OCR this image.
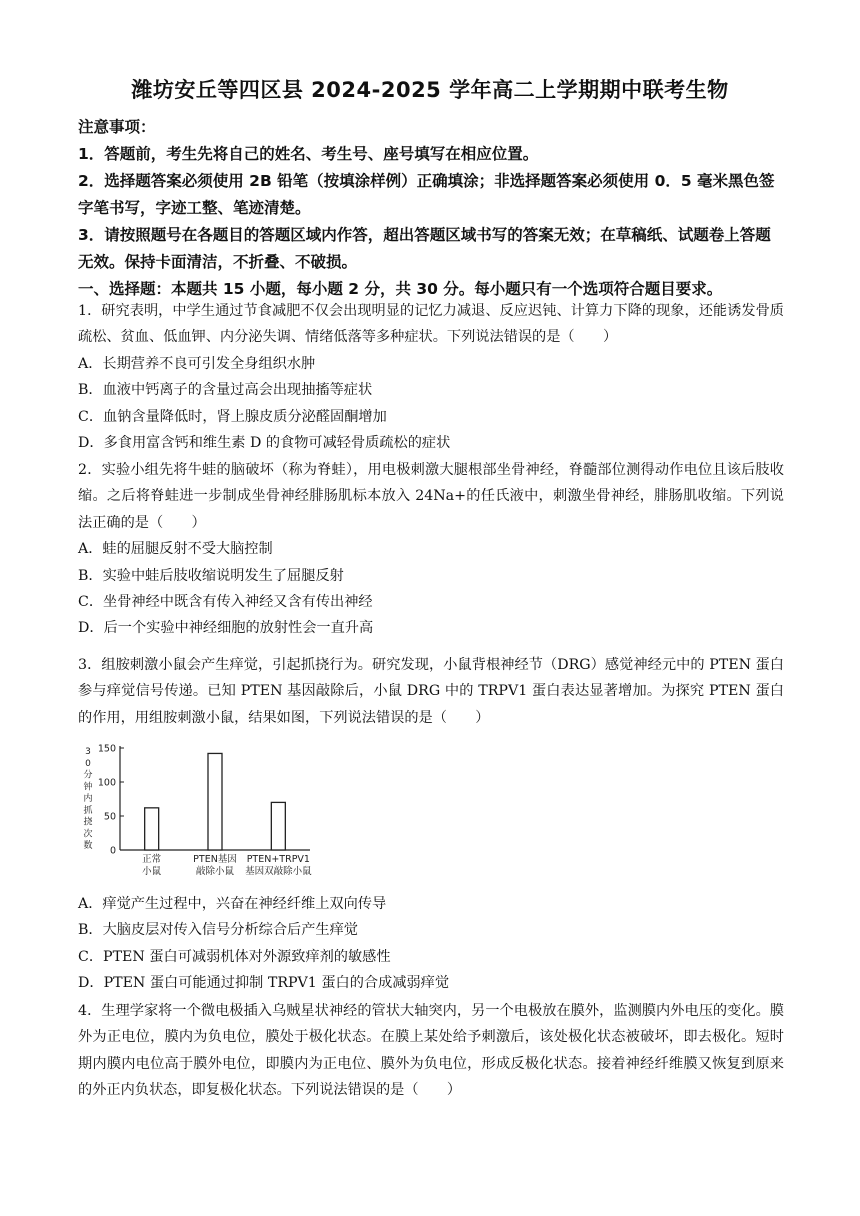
潍坊安丘等四区县 2024-2025 学年高二上学期期中联考生物
注意事项：
1．答题前，考生先将自己的姓名、考生号、座号填写在相应位置。
2．选择题答案必须使用 2B 铅笔（按填涂样例）正确填涂；非选择题答案必须使用 0．5 毫米黑色签字笔书写，字迹工整、笔迹清楚。
3．请按照题号在各题目的答题区域内作答，超出答题区域书写的答案无效；在草稿纸、试题卷上答题无效。保持卡面清洁，不折叠、不破损。
一、选择题：本题共 15 小题，每小题 2 分，共 30 分。每小题只有一个选项符合题目要求。

1．研究表明，中学生通过节食减肥不仅会出现明显的记忆力减退、反应迟钝、计算力下降的现象，还能诱发骨质疏松、贫血、低血钾、内分泌失调、情绪低落等多种症状。下列说法错误的是（　　）

A．长期营养不良可引发全身组织水肿

B．血液中钙离子的含量过高会出现抽搐等症状

C．血钠含量降低时，肾上腺皮质分泌醛固酮增加

D．多食用富含钙和维生素 D 的食物可减轻骨质疏松的症状

2．实验小组先将牛蛙的脑破坏（称为脊蛙），用电极刺激大腿根部坐骨神经，脊髓部位测得动作电位且该后肢收缩。之后将脊蛙进一步制成坐骨神经腓肠肌标本放入 24Na+的任氏液中，刺激坐骨神经，腓肠肌收缩。下列说法正确的是（　　）

A．蛙的屈腿反射不受大脑控制

B．实验中蛙后肢收缩说明发生了屈腿反射

C．坐骨神经中既含有传入神经又含有传出神经

D．后一个实验中神经细胞的放射性会一直升高

3．组胺刺激小鼠会产生痒觉，引起抓挠行为。研究发现，小鼠背根神经节（DRG）感觉神经元中的 PTEN 蛋白参与痒觉信号传递。已知 PTEN 基因敲除后，小鼠 DRG 中的 TRPV1 蛋白表达显著增加。为探究 PTEN 蛋白的作用，用组胺刺激小鼠，结果如图，下列说法错误的是（　　）

3
0
分
钟
内
抓
挠
次
数 0
50
100
150
正常
小鼠
PTEN基因
敲除小鼠
PTEN+TRPV1
基因双敲除小鼠

A．痒觉产生过程中，兴奋在神经纤维上双向传导

B．大脑皮层对传入信号分析综合后产生痒觉

C．PTEN 蛋白可减弱机体对外源致痒剂的敏感性

D．PTEN 蛋白可能通过抑制 TRPV1 蛋白的合成减弱痒觉

4．生理学家将一个微电极插入乌贼星状神经的管状大轴突内，另一个电极放在膜外，监测膜内外电压的变化。膜外为正电位，膜内为负电位，膜处于极化状态。在膜上某处给予刺激后，该处极化状态被破坏，即去极化。短时期内膜内电位高于膜外电位，即膜内为正电位、膜外为负电位，形成反极化状态。接着神经纤维膜又恢复到原来的外正内负状态，即复极化状态。下列说法错误的是（　　）
